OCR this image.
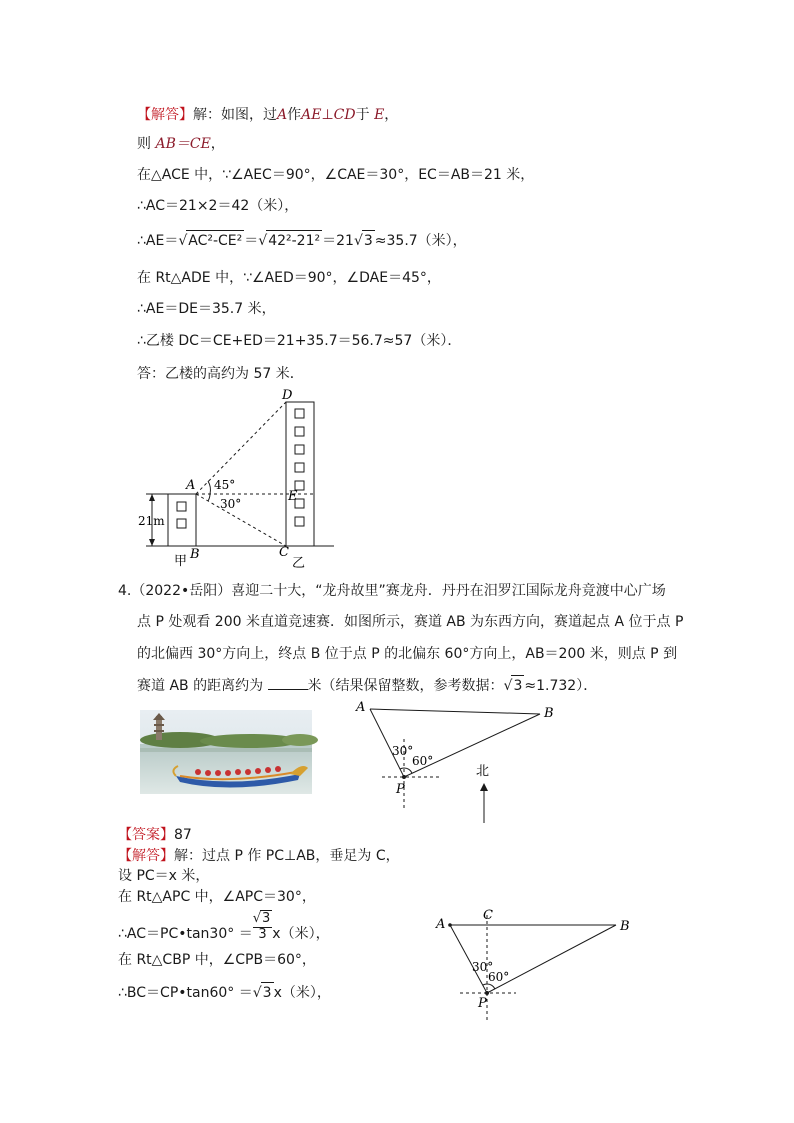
【解答】解：如图，过A作AE⊥CD于 E，
则 AB＝CE，
在△ACE 中，∵∠AEC＝90°，∠CAE＝30°，EC＝AB＝21 米，
∴AC＝21×2＝42（米），
∴AE＝√AC²-CE² ＝√42²-21² ＝21√3 ≈35.7（米），
在 Rt△ADE 中，∵∠AED＝90°，∠DAE＝45°，
∴AE＝DE＝35.7 米，
∴乙楼 DC＝CE+ED＝21+35.7＝56.7≈57（米）．
答：乙楼的高约为 57 米．
D
A
E
B	C
45°
30°
21m
甲	乙
4.（2022•岳阳）喜迎二十大，“龙舟故里”赛龙舟．丹丹在汨罗江国际龙舟竞渡中心广场
点 P 处观看 200 米直道竞速赛．如图所示，赛道 AB 为东西方向，赛道起点 A 位于点 P
的北偏西 30°方向上，终点 B 位于点 P 的北偏东 60°方向上，AB＝200 米，则点 P 到
赛道 AB 的距离约为	米（结果保留整数，参考数据：√3 ≈1.732）．
A	B
30°
60°
P
北
【答案】87
【解答】解：过点 P 作 PC⊥AB，垂足为 C，
设 PC＝x 米，
在 Rt△APC 中，∠APC＝30°，
∴AC＝PC•tan30° ＝ $\frac{√3}{3} x$（米），
在 Rt△CBP 中，∠CPB＝60°，
∴BC＝CP•tan60° ＝√3 x（米），
A
C
B
30°
60°
P
